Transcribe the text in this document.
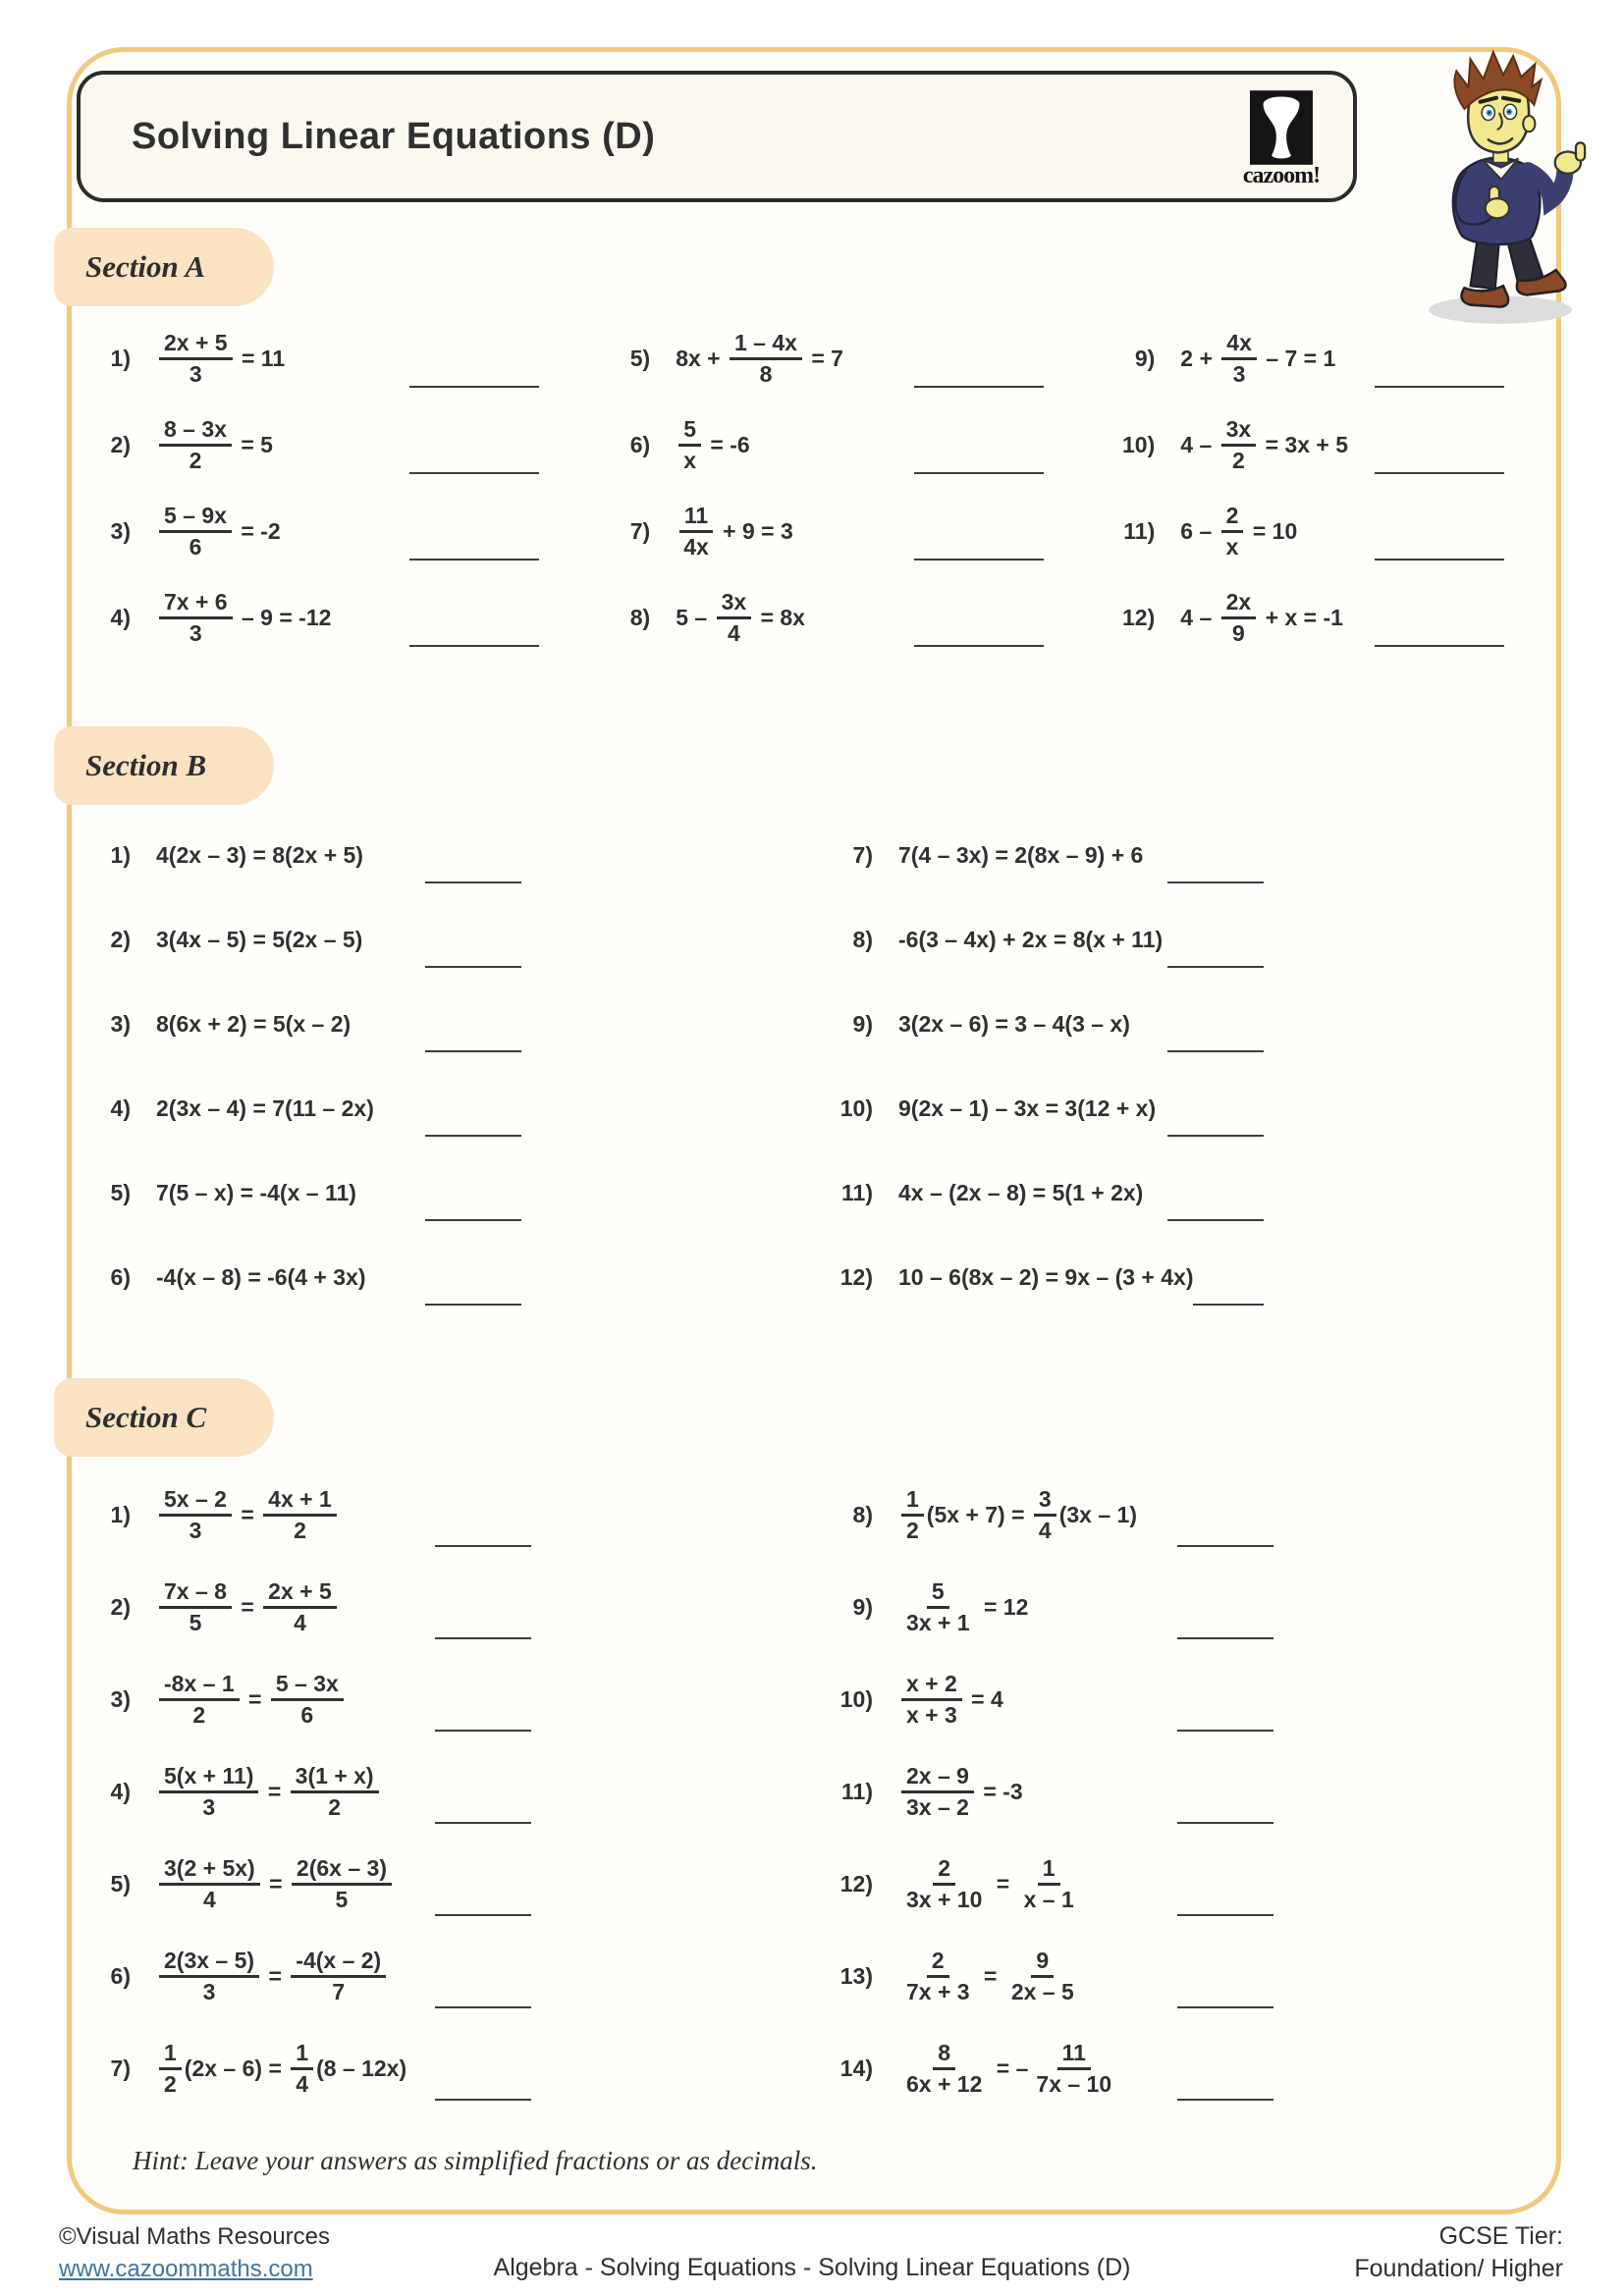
Solving Linear Equations (D)
cazoom!
Section A
$1) \frac{2x + 5}{3} = 11$
$2) \frac{8 - 3x}{2} = 5$
$3) \frac{5 - 9x}{6} = -2$
$4) \frac{7x + 6}{3} - 9 = -12$
5) $8x + \frac{1 - 4x}{8} = 7$
$6) \frac{5}{x} = -6$
$7) \frac{11}{4x} + 9 = 3$
8) $5 - \frac{3x}{4} = 8x$
9) $2 + \frac{4x}{3} - 7 = 1$
10) $4 - \frac{3x}{2} = 3x + 5$
11) $6 - \frac{2}{x} = 10$
12) $4 - \frac{2x}{9} + x = -1$
Section B
1) 4(2x – 3) = 8(2x + 5)
2) 3(4x – 5) = 5(2x – 5)
3) 8(6x + 2) = 5(x – 2)
4) 2(3x – 4) = 7(11 – 2x)
5) 7(5 – x) = -4(x – 11)
6) -4(x – 8) = -6(4 + 3x)
7) 7(4 – 3x) = 2(8x – 9) + 6
8) -6(3 – 4x) + 2x = 8(x + 11)
9) 3(2x – 6) = 3 – 4(3 – x)
10) 9(2x – 1) – 3x = 3(12 + x)
11) 4x – (2x – 8) = 5(1 + 2x)
12) 10 – 6(8x – 2) = 9x – (3 + 4x)
Section C
$1) \frac{5x - 2}{3} = \frac{4x + 1}{2}$
$2) \frac{7x - 8}{5} = \frac{2x + 5}{4}$
$3) \frac{-8x - 1}{2} = \frac{5 - 3x}{6}$
$4) \frac{5(x + 11)}{3} = \frac{3(1 + x)}{2}$
$5) \frac{3(2 + 5x)}{4} = \frac{2(6x - 3)}{5}$
$6) \frac{2(3x - 5)}{3} = \frac{-4(x - 2)}{7}$
$7) \frac{1}{2} (2x - 6) = \frac{1}{4} (8 - 12x)$
$8) \frac{1}{2} (5x + 7) = \frac{3}{4} (3x - 1)$
$9) \frac{5}{3x + 1} = 12$
$10) \frac{x + 2}{x + 3} = 4$
$11) \frac{2x - 9}{3x - 2} = -3$
$12) \frac{2}{3x + 10} = \frac{1}{x - 1}$
$13) \frac{2}{7x + 3} = \frac{9}{2x - 5}$
$14) \frac{8}{6x + 12}$ = – $\frac{11}{7x - 10}$
Hint: Leave your answers as simplified fractions or as decimals.
©Visual Maths Resources
www.cazoommaths.com	Algebra - Solving Equations - Solving Linear Equations (D)
GCSE Tier:
Foundation/ Higher
